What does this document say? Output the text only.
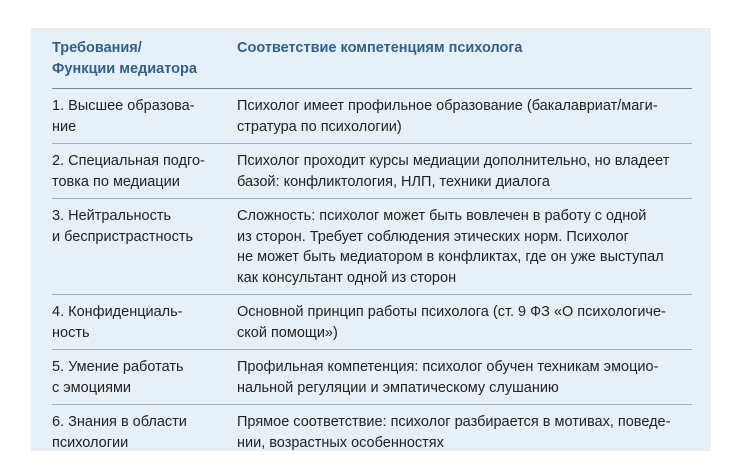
Требования/
Функции медиатора	Соответствие компетенциям психолога

1. Высшее образова-
ние	Психолог имеет профильное образование (бакалавриат/маги-
стратура по психологии)

2. Специальная подго-
товка по медиации	Психолог проходит курсы медиации дополнительно, но владеет
базой: конфликтология, НЛП, техники диалога

3. Нейтральность
и беспристрастность	Сложность: психолог может быть вовлечен в работу с одной
из сторон. Требует соблюдения этических норм. Психолог
не может быть медиатором в конфликтах, где он уже выступал
как консультант одной из сторон

4. Конфиденциаль-
ность	Основной принцип работы психолога (ст. 9 ФЗ «О психологиче-
ской помощи»)

5. Умение работать
с эмоциями	Профильная компетенция: психолог обучен техникам эмоцио-
нальной регуляции и эмпатическому слушанию

6. Знания в области
психологии	Прямое соответствие: психолог разбирается в мотивах, поведе-
нии, возрастных особенностях
